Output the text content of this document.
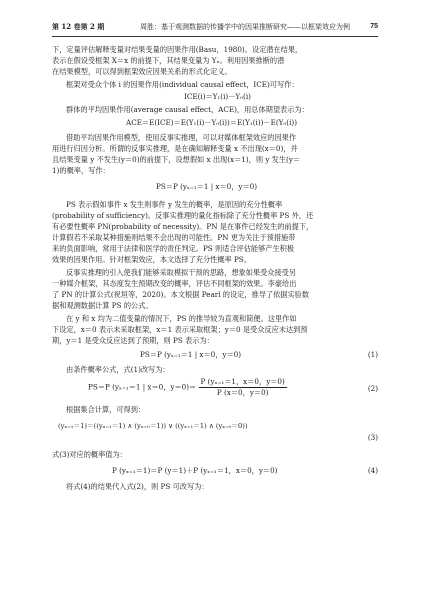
第 12 卷第 2 期	周胜：基于观测数据的传播学中的因果推断研究——以框架效应为例	75
下，定量评估解释变量对结果变量的因果作用(Basu，1980)。设定潜在结果，
表示在假设受框架 X＝x 的前提下，其结果变量为 Yₓ。利用因果推断的潜
在结果模型，可以得到框架效应因果关系的形式化定义。
框架对受众个体 i 的因果作用(individual causal effect，ICE)可写作：
ICE(i)＝Y₁(i)－Y₀(i)
群体的平均因果作用(average causal effect，ACE)，用总体期望表示为：
ACE＝E(ICE)＝E(Y₁(i)－Y₀(i))＝E(Y₁(i))－E(Y₀(i))
借助平均因果作用模型，使用反事实推理，可以对媒体框架效应的因果作
用进行归因分析。所谓的反事实推理，是在确知解释变量 x 不出现(x＝0)，并
且结果变量 y 不发生(y＝0)的前提下，设想假如 x 出现(x＝1)，则 y 发生(y＝
1)的概率，写作：
PS＝P (yₓ₌₁＝1 | x＝0，y＝0)
PS 表示假如事件 x 发生则事件 y 发生的概率，是原因的充分性概率
(probability of sufficiency)。反事实推理的量化指标除了充分性概率 PS 外，还
有必要性概率 PN(probability of necessity)。PN 是在事件已经发生的前提下，
计算假若不采取某种措施则结果不会出现的可能性。PN 更为关注于预措施带
来的负面影响，常用于法律和医学的责任判定。PS 则适合评估能够产生积极
效果的因果作用。针对框架效应，本文选择了充分性概率 PS。
反事实推理的引入使我们能够采取模拟干预的思路，想象如果受众接受另
一种媒介框架，其态度发生预期改变的概率，评估不同框架的效果。李豪给出
了 PN 的计算公式(祝垣等，2020)。本文根据 Pearl 的设定，推导了依据实验数
据和观测数据计算 PS 的公式。
在 y 和 x 均为二值变量的情况下，PS 的推导较为直观和简便。这里作如
下设定，x＝0 表示未采取框架，x＝1 表示采取框架；y＝0 是受众反应未达到预
期，y＝1 是受众反应达到了预期，则 PS 表示为：
PS＝P (yₓ₌₁＝1 | x＝0，y＝0)	(1)
由条件概率公式，式(1)改写为：
PS＝P (yₓ₌₁＝1 | x＝0，$y=0)= \frac{\text{P (yₓ₌₁＝1，x＝0，y＝0)}}{P (x=0,y=0)}$	(2)
根据集合计算，可得到：
(yₓ₌₁＝1)＝((yₓ₌₁＝1) ∧ (yₓ₌₀＝1)) ∨ ((yₓ₌₁＝1) ∧ (yₓ₌₀＝0))
(3)
式(3)对应的概率值为：
P (yₓ₌₁＝1)＝P (y＝1)＋P (yₓ₌₁＝1，x＝0，y＝0)	(4)
将式(4)的结果代入式(2)，则 PS 可改写为：
